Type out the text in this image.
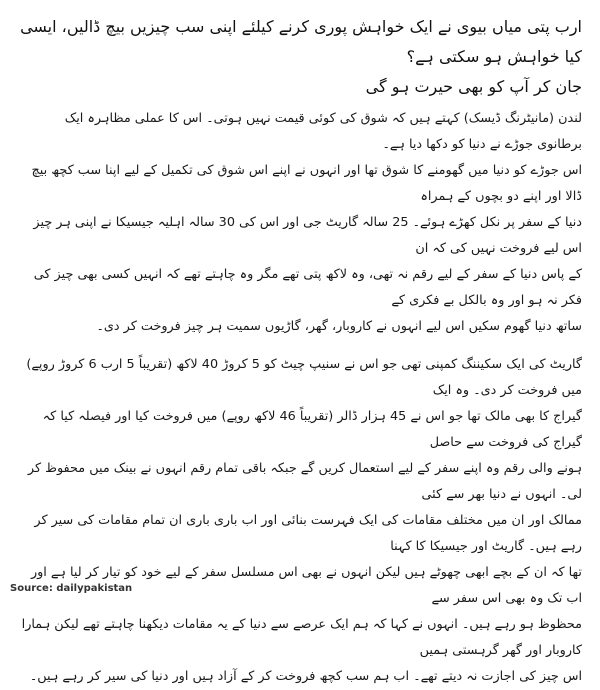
ارب پتی میاں بیوی نے ایک خواہش پوری کرنے کیلئے اپنی سب چیزیں بیچ ڈالیں، ایسی کیا خواہش ہو سکتی ہے؟
جان کر آپ کو بھی حیرت ہو گی
لندن (مانیٹرنگ ڈیسک) کہتے ہیں کہ شوق کی کوئی قیمت نہیں ہوتی۔ اس کا عملی مظاہرہ ایک برطانوی جوڑے نے دنیا کو دکھا دیا ہے۔
اس جوڑے کو دنیا میں گھومنے کا شوق تھا اور انہوں نے اپنے اس شوق کی تکمیل کے لیے اپنا سب کچھ بیچ ڈالا اور اپنے دو بچوں کے ہمراہ
دنیا کے سفر پر نکل کھڑے ہوئے۔ 25 سالہ گاریٹ جی اور اس کی 30 سالہ اہلیہ جیسیکا نے اپنی ہر چیز اس لیے فروخت نہیں کی کہ ان
کے پاس دنیا کے سفر کے لیے رقم نہ تھی، وہ لاکھ پتی تھے مگر وہ چاہتے تھے کہ انہیں کسی بھی چیز کی فکر نہ ہو اور وہ بالکل بے فکری کے
ساتھ دنیا گھوم سکیں اس لیے انہوں نے کاروبار، گھر، گاڑیوں سمیت ہر چیز فروخت کر دی۔
گاریٹ کی ایک سکیننگ کمپنی تھی جو اس نے سنیپ چیٹ کو 5 کروڑ 40 لاکھ (تقریباً 5 ارب 6 کروڑ روپے) میں فروخت کر دی۔ وہ ایک
گیراج کا بھی مالک تھا جو اس نے 45 ہزار ڈالر (تقریباً 46 لاکھ روپے) میں فروخت کیا اور فیصلہ کیا کہ گیراج کی فروخت سے حاصل
ہونے والی رقم وہ اپنے سفر کے لیے استعمال کریں گے جبکہ باقی تمام رقم انہوں نے بینک میں محفوظ کر لی۔ انہوں نے دنیا بھر سے کئی
ممالک اور ان میں مختلف مقامات کی ایک فہرست بنائی اور اب باری باری ان تمام مقامات کی سیر کر رہے ہیں۔ گاریٹ اور جیسیکا کا کہنا
تھا کہ ان کے بچے ابھی چھوٹے ہیں لیکن انہوں نے بھی اس مسلسل سفر کے لیے خود کو تیار کر لیا ہے اور اب تک وہ بھی اس سفر سے
محظوظ ہو رہے ہیں۔ انہوں نے کہا کہ ہم ایک عرصے سے دنیا کے یہ مقامات دیکھنا چاہتے تھے لیکن ہمارا کاروبار اور گھر گرہستی ہمیں
اس چیز کی اجازت نہ دیتے تھے۔ اب ہم سب کچھ فروخت کر کے آزاد ہیں اور دنیا کی سیر کر رہے ہیں۔
Source: dailypakistan
